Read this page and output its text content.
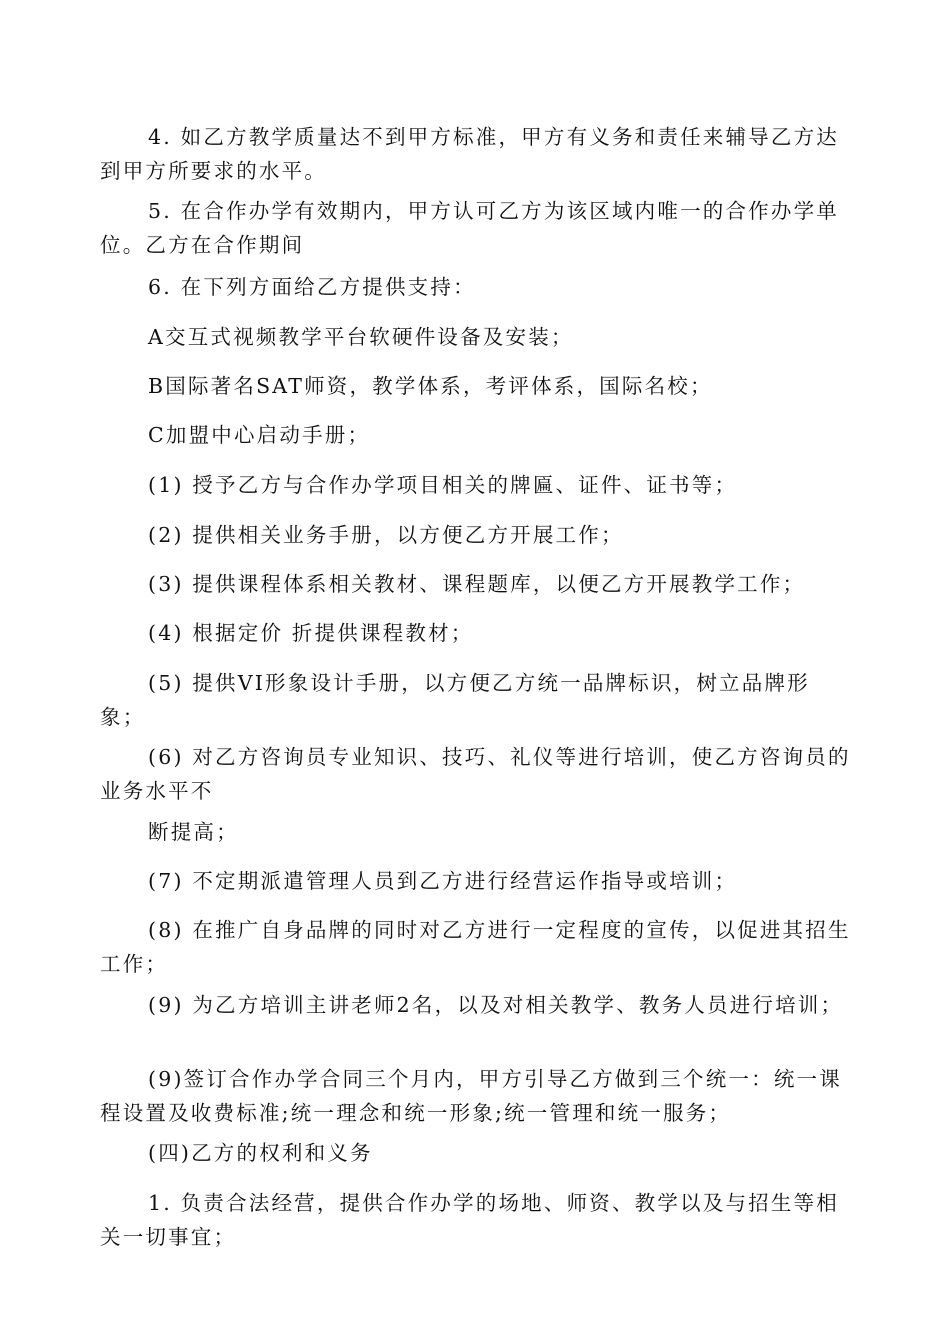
4. 如乙方教学质量达不到甲方标准，甲方有义务和责任来辅导乙方达到甲方所要求的水平。

5. 在合作办学有效期内，甲方认可乙方为该区域内唯一的合作办学单位。乙方在合作期间

6. 在下列方面给乙方提供支持：

A交互式视频教学平台软硬件设备及安装；

B国际著名SAT师资，教学体系，考评体系，国际名校；

C加盟中心启动手册；

(1) 授予乙方与合作办学项目相关的牌匾、证件、证书等；

(2) 提供相关业务手册，以方便乙方开展工作；

(3) 提供课程体系相关教材、课程题库，以便乙方开展教学工作；

(4) 根据定价 折提供课程教材；

(5) 提供VI形象设计手册，以方便乙方统一品牌标识，树立品牌形象；

(6) 对乙方咨询员专业知识、技巧、礼仪等进行培训，使乙方咨询员的业务水平不

断提高；

(7) 不定期派遣管理人员到乙方进行经营运作指导或培训；

(8) 在推广自身品牌的同时对乙方进行一定程度的宣传，以促进其招生工作；

(9) 为乙方培训主讲老师2名，以及对相关教学、教务人员进行培训；

(9)签订合作办学合同三个月内，甲方引导乙方做到三个统一：统一课程设置及收费标准;统一理念和统一形象;统一管理和统一服务；

(四)乙方的权利和义务

1. 负责合法经营，提供合作办学的场地、师资、教学以及与招生等相关一切事宜；
